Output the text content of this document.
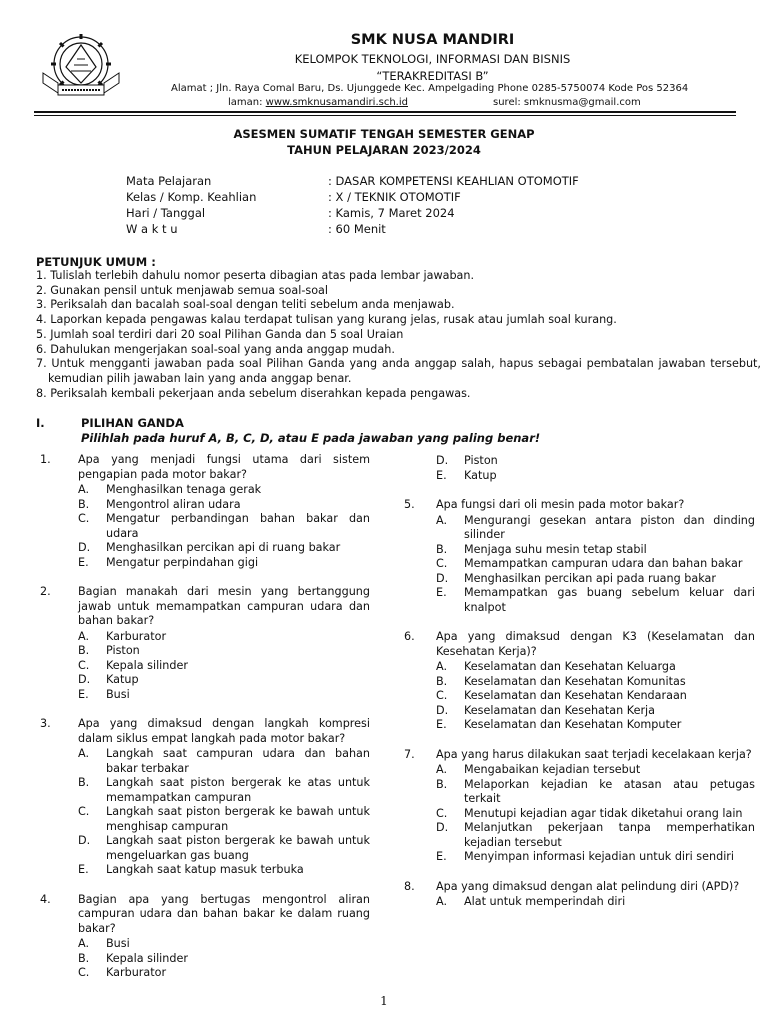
SMK NUSA MANDIRI
KELOMPOK TEKNOLOGI, INFORMASI DAN BISNIS
“TERAKREDITASI B”
Alamat ; Jln. Raya Comal Baru, Ds. Ujunggede Kec. Ampelgading Phone 0285-5750074 Kode Pos 52364
laman: www.smknusamandiri.sch.id	surel: smknusma@gmail.com
ASESMEN SUMATIF TENGAH SEMESTER GENAP
TAHUN PELAJARAN 2023/2024
Mata Pelajaran	: DASAR KOMPETENSI KEAHLIAN OTOMOTIF
Kelas / Komp. Keahlian	: X / TEKNIK OTOMOTIF
Hari / Tanggal	: Kamis, 7 Maret 2024
W a k t u	: 60 Menit
PETUNJUK UMUM :
1. Tulislah terlebih dahulu nomor peserta dibagian atas pada lembar jawaban.
2. Gunakan pensil untuk menjawab semua soal-soal
3. Periksalah dan bacalah soal-soal dengan teliti sebelum anda menjawab.
4. Laporkan kepada pengawas kalau terdapat tulisan yang kurang jelas, rusak atau jumlah soal kurang.
5. Jumlah soal terdiri dari 20 soal Pilihan Ganda dan 5 soal Uraian
6. Dahulukan mengerjakan soal-soal yang anda anggap mudah.
7. Untuk mengganti jawaban pada soal Pilihan Ganda yang anda anggap salah, hapus sebagai pembatalan jawaban tersebut, kemudian pilih jawaban lain yang anda anggap benar.
8. Periksalah kembali pekerjaan anda sebelum diserahkan kepada pengawas.
I.	PILIHAN GANDA
Pilihlah pada huruf A, B, C, D, atau E pada jawaban yang paling benar!
1.	Apa yang menjadi fungsi utama dari sistem pengapian pada motor bakar?
A. Menghasilkan tenaga gerak
B. Mengontrol aliran udara
C. Mengatur perbandingan bahan bakar dan udara
D. Menghasilkan percikan api di ruang bakar
E. Mengatur perpindahan gigi
2.	Bagian manakah dari mesin yang bertanggung jawab untuk memampatkan campuran udara dan bahan bakar?
A. Karburator
B. Piston
C. Kepala silinder
D. Katup
E. Busi
3.	Apa yang dimaksud dengan langkah kompresi dalam siklus empat langkah pada motor bakar?
A. Langkah saat campuran udara dan bahan bakar terbakar
B. Langkah saat piston bergerak ke atas untuk memampatkan campuran
C. Langkah saat piston bergerak ke bawah untuk menghisap campuran
D. Langkah saat piston bergerak ke bawah untuk mengeluarkan gas buang
E. Langkah saat katup masuk terbuka
4.	Bagian apa yang bertugas mengontrol aliran campuran udara dan bahan bakar ke dalam ruang bakar?
A. Busi
B. Kepala silinder
C. Karburator
D. Piston
E. Katup
5.	Apa fungsi dari oli mesin pada motor bakar?
A. Mengurangi gesekan antara piston dan dinding silinder
B. Menjaga suhu mesin tetap stabil
C. Memampatkan campuran udara dan bahan bakar
D. Menghasilkan percikan api pada ruang bakar
E. Memampatkan gas buang sebelum keluar dari knalpot
6.	Apa yang dimaksud dengan K3 (Keselamatan dan Kesehatan Kerja)?
A. Keselamatan dan Kesehatan Keluarga
B. Keselamatan dan Kesehatan Komunitas
C. Keselamatan dan Kesehatan Kendaraan
D. Keselamatan dan Kesehatan Kerja
E. Keselamatan dan Kesehatan Komputer
7.	Apa yang harus dilakukan saat terjadi kecelakaan kerja?
A. Mengabaikan kejadian tersebut
B. Melaporkan kejadian ke atasan atau petugas terkait
C. Menutupi kejadian agar tidak diketahui orang lain
D. Melanjutkan pekerjaan tanpa memperhatikan kejadian tersebut
E. Menyimpan informasi kejadian untuk diri sendiri
8.	Apa yang dimaksud dengan alat pelindung diri (APD)?
A. Alat untuk memperindah diri
1
